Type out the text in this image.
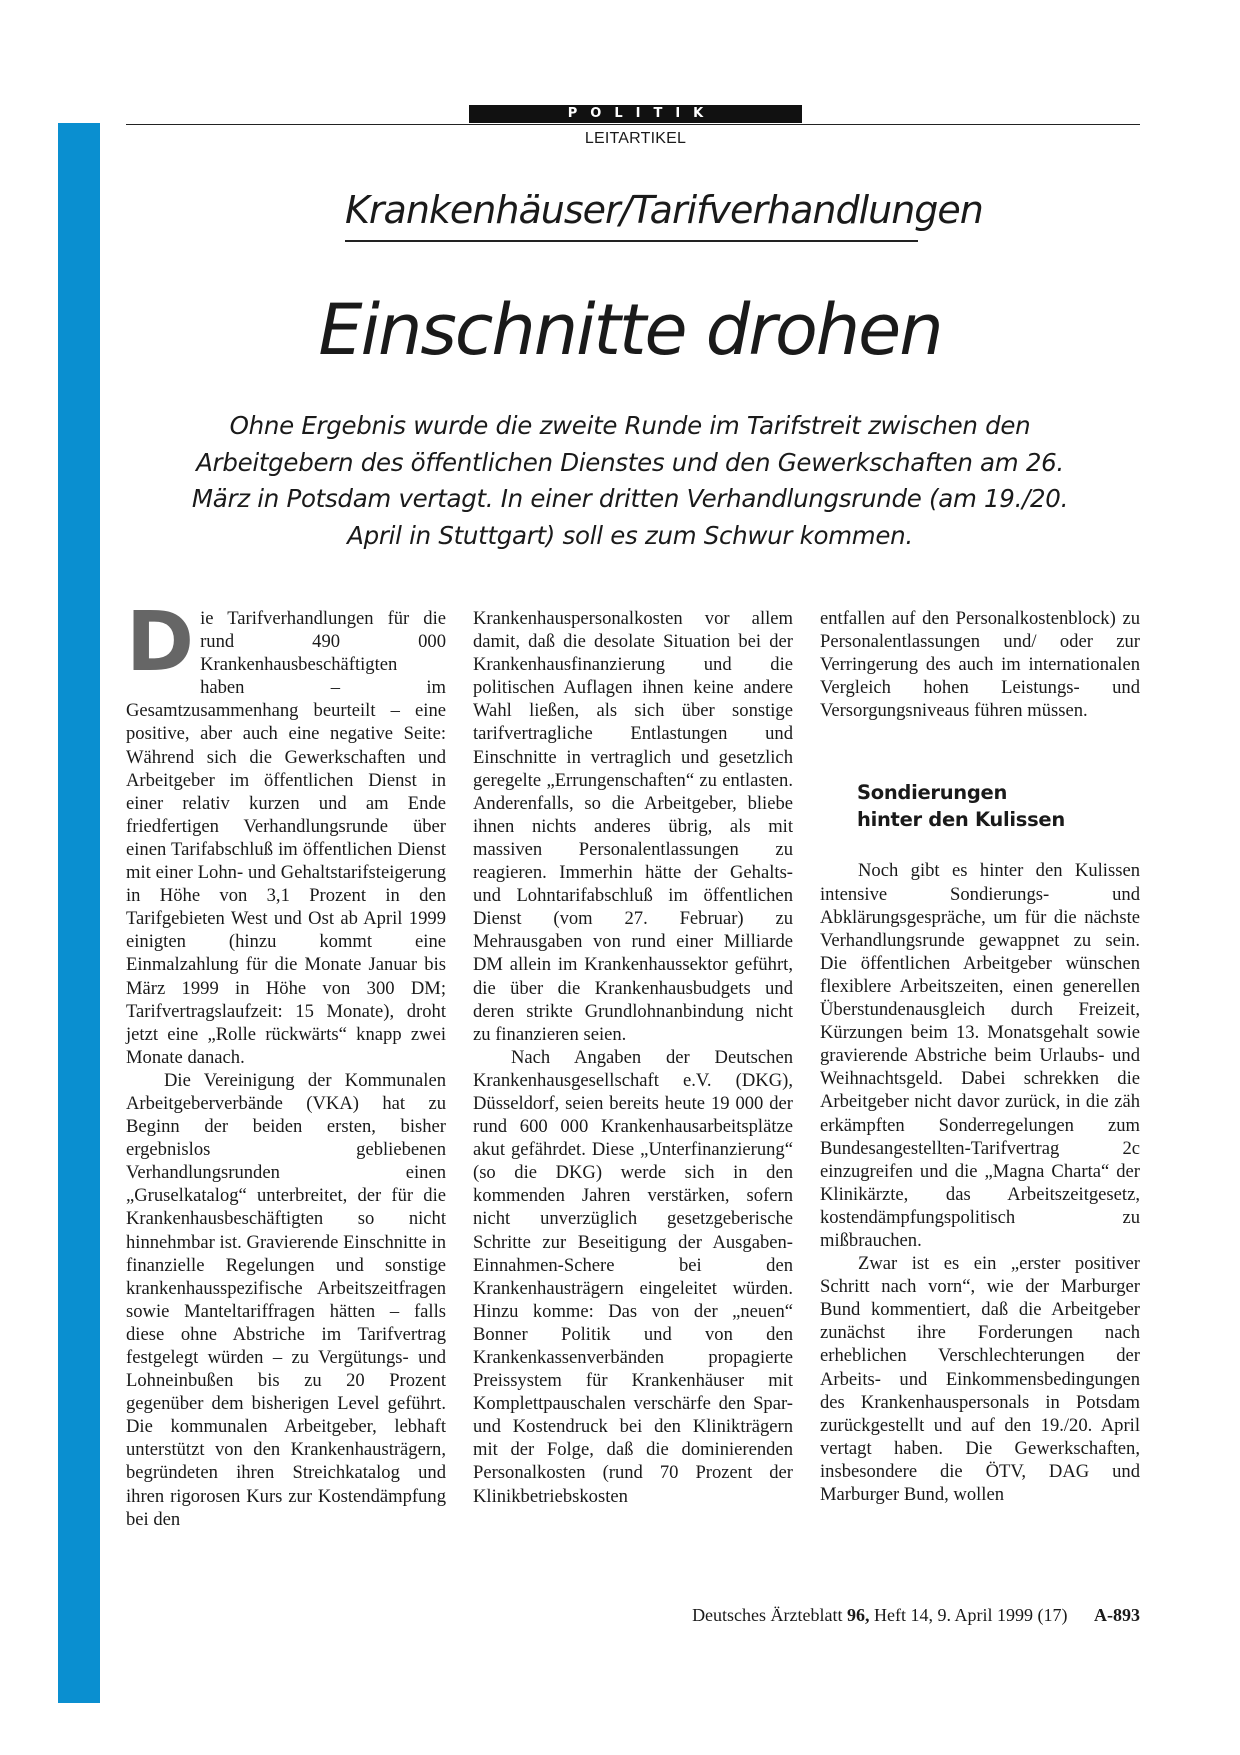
POLITIK
LEITARTIKEL
Krankenhäuser/Tarifverhandlungen
Einschnitte drohen
Ohne Ergebnis wurde die zweite Runde im Tarifstreit zwischen den Arbeitgebern des öffentlichen Dienstes und den Gewerkschaften am 26. März in Potsdam vertagt. In einer dritten Verhandlungsrunde (am 19./20. April in Stuttgart) soll es zum Schwur kommen.
D ie Tarifverhandlungen für die rund 490 000 Krankenhausbeschäftigten haben – im Gesamtzusammenhang beurteilt – eine positive, aber auch eine negative Seite: Während sich die Gewerkschaften und Arbeitgeber im öffentlichen Dienst in einer relativ kurzen und am Ende friedfertigen Verhandlungsrunde über einen Tarifabschluß im öffentlichen Dienst mit einer Lohn- und Gehaltstarifsteigerung in Höhe von 3,1 Prozent in den Tarifgebieten West und Ost ab April 1999 einigten (hinzu kommt eine Einmalzahlung für die Monate Januar bis März 1999 in Höhe von 300 DM; Tarifvertragslaufzeit: 15 Monate), droht jetzt eine „Rolle rückwärts“ knapp zwei Monate danach.

Die Vereinigung der Kommunalen Arbeitgeberverbände (VKA) hat zu Beginn der beiden ersten, bisher ergebnislos gebliebenen Verhandlungsrunden einen „Gruselkatalog“ unterbreitet, der für die Krankenhausbeschäftigten so nicht hinnehmbar ist. Gravierende Einschnitte in finanzielle Regelungen und sonstige krankenhausspezifische Arbeitszeitfragen sowie Manteltariffragen hätten – falls diese ohne Abstriche im Tarifvertrag festgelegt würden – zu Vergütungs- und Lohneinbußen bis zu 20 Prozent gegenüber dem bisherigen Level geführt. Die kommunalen Arbeitgeber, lebhaft unterstützt von den Krankenhausträgern, begründeten ihren Streichkatalog und ihren rigorosen Kurs zur Kostendämpfung bei den

Krankenhauspersonalkosten vor allem damit, daß die desolate Situation bei der Krankenhausfinanzierung und die politischen Auflagen ihnen keine andere Wahl ließen, als sich über sonstige tarifvertragliche Entlastungen und Einschnitte in vertraglich und gesetzlich geregelte „Errungenschaften“ zu entlasten. Anderenfalls, so die Arbeitgeber, bliebe ihnen nichts anderes übrig, als mit massiven Personalentlassungen zu reagieren. Immerhin hätte der Gehalts- und Lohntarifabschluß im öffentlichen Dienst (vom 27. Februar) zu Mehrausgaben von rund einer Milliarde DM allein im Krankenhaussektor geführt, die über die Krankenhausbudgets und deren strikte Grundlohnanbindung nicht zu finanzieren seien.

Nach Angaben der Deutschen Krankenhausgesellschaft e.V. (DKG), Düsseldorf, seien bereits heute 19 000 der rund 600 000 Krankenhausarbeitsplätze akut gefährdet. Diese „Unterfinanzierung“ (so die DKG) werde sich in den kommenden Jahren verstärken, sofern nicht unverzüglich gesetzgeberische Schritte zur Beseitigung der Ausgaben-Einnahmen-Schere bei den Krankenhausträgern eingeleitet würden. Hinzu komme: Das von der „neuen“ Bonner Politik und von den Krankenkassenverbänden propagierte Preissystem für Krankenhäuser mit Komplettpauschalen verschärfe den Spar- und Kostendruck bei den Klinikträgern mit der Folge, daß die dominierenden Personalkosten (rund 70 Prozent der Klinikbetriebskosten

entfallen auf den Personalkostenblock) zu Personalentlassungen und/ oder zur Verringerung des auch im internationalen Vergleich hohen Leistungs- und Versorgungsniveaus führen müssen.

Sondierungen
hinter den Kulissen

Noch gibt es hinter den Kulissen intensive Sondierungs- und Abklärungsgespräche, um für die nächste Verhandlungsrunde gewappnet zu sein. Die öffentlichen Arbeitgeber wünschen flexiblere Arbeitszeiten, einen generellen Überstundenausgleich durch Freizeit, Kürzungen beim 13. Monatsgehalt sowie gravierende Abstriche beim Urlaubs- und Weihnachtsgeld. Dabei schrekken die Arbeitgeber nicht davor zurück, in die zäh erkämpften Sonderregelungen zum Bundesangestellten-Tarifvertrag 2c einzugreifen und die „Magna Charta“ der Klinikärzte, das Arbeitszeitgesetz, kostendämpfungspolitisch zu mißbrauchen.

Zwar ist es ein „erster positiver Schritt nach vorn“, wie der Marburger Bund kommentiert, daß die Arbeitgeber zunächst ihre Forderungen nach erheblichen Verschlechterungen der Arbeits- und Einkommensbedingungen des Krankenhauspersonals in Potsdam zurückgestellt und auf den 19./20. April vertagt haben. Die Gewerkschaften, insbesondere die ÖTV, DAG und Marburger Bund, wollen

Deutsches Ärzteblatt 96, Heft 14, 9. April 1999 (17) A-893
